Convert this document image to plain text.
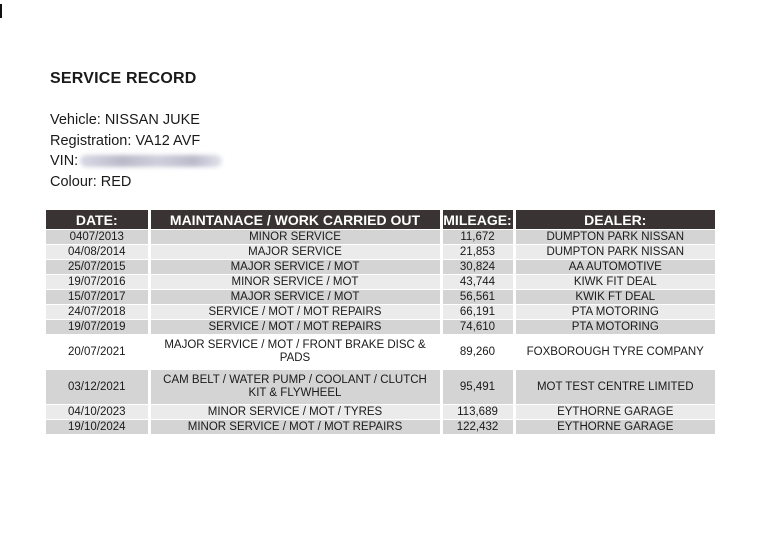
SERVICE RECORD
Vehicle: NISSAN JUKE
Registration: VA12 AVF
VIN:
Colour: RED
DATE:	MAINTANACE / WORK CARRIED OUT	MILEAGE:	DEALER:
0407/2013	MINOR SERVICE	11,672	DUMPTON PARK NISSAN
04/08/2014	MAJOR SERVICE	21,853	DUMPTON PARK NISSAN
25/07/2015	MAJOR SERVICE / MOT	30,824	AA AUTOMOTIVE
19/07/2016	MINOR SERVICE / MOT	43,744	KIWK FIT DEAL
15/07/2017	MAJOR SERVICE / MOT	56,561	KWIK FT DEAL
24/07/2018	SERVICE / MOT / MOT REPAIRS	66,191	PTA MOTORING
19/07/2019	SERVICE / MOT / MOT REPAIRS	74,610	PTA MOTORING
20/07/2021	MAJOR SERVICE / MOT / FRONT BRAKE DISC & PADS	89,260	FOXBOROUGH TYRE COMPANY
03/12/2021	CAM BELT / WATER PUMP / COOLANT / CLUTCH KIT & FLYWHEEL	95,491	MOT TEST CENTRE LIMITED
04/10/2023	MINOR SERVICE / MOT / TYRES	113,689	EYTHORNE GARAGE
19/10/2024	MINOR SERVICE / MOT / MOT REPAIRS	122,432	EYTHORNE GARAGE
